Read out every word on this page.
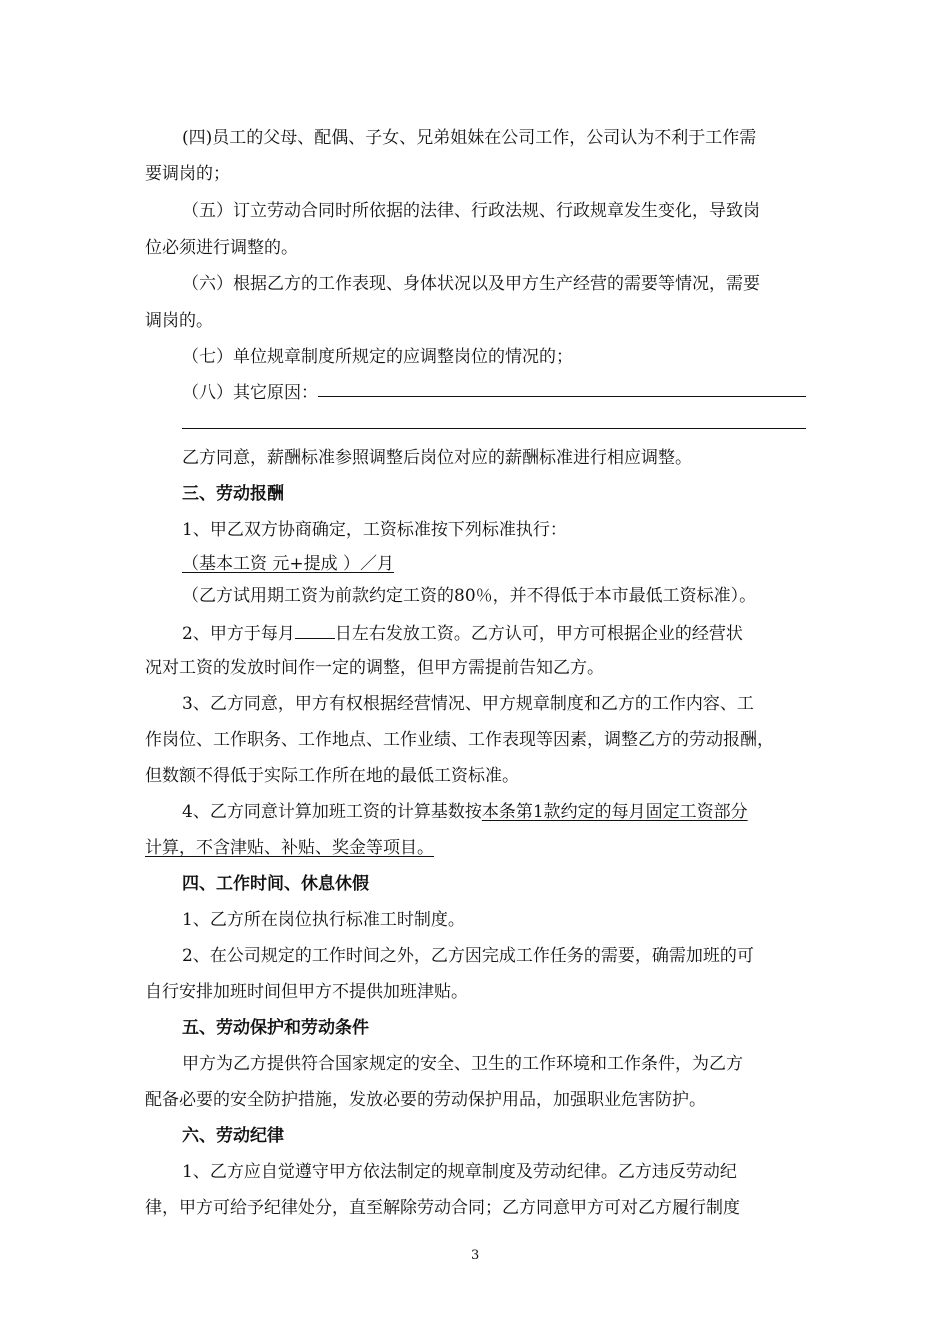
(四)员工的父母、配偶、子女、兄弟姐妹在公司工作，公司认为不利于工作需
要调岗的；
（五）订立劳动合同时所依据的法律、行政法规、行政规章发生变化，导致岗
位必须进行调整的。
（六）根据乙方的工作表现、身体状况以及甲方生产经营的需要等情况，需要
调岗的。
（七）单位规章制度所规定的应调整岗位的情况的；
（八）其它原因：
乙方同意，薪酬标准参照调整后岗位对应的薪酬标准进行相应调整。
三、劳动报酬
1、甲乙双方协商确定，工资标准按下列标准执行：
（基本工资 元+提成 ）／月
（乙方试用期工资为前款约定工资的80％，并不得低于本市最低工资标准）。
2、甲方于每月 日左右发放工资。乙方认可，甲方可根据企业的经营状
况对工资的发放时间作一定的调整，但甲方需提前告知乙方。
3、乙方同意，甲方有权根据经营情况、甲方规章制度和乙方的工作内容、工
作岗位、工作职务、工作地点、工作业绩、工作表现等因素，调整乙方的劳动报酬，
但数额不得低于实际工作所在地的最低工资标准。
4、乙方同意计算加班工资的计算基数按本条第1款约定的每月固定工资部分
计算，不含津贴、补贴、奖金等项目。
四、工作时间、休息休假
1、乙方所在岗位执行标准工时制度。
2、在公司规定的工作时间之外，乙方因完成工作任务的需要，确需加班的可
自行安排加班时间但甲方不提供加班津贴。
五、劳动保护和劳动条件
甲方为乙方提供符合国家规定的安全、卫生的工作环境和工作条件，为乙方
配备必要的安全防护措施，发放必要的劳动保护用品，加强职业危害防护。
六、劳动纪律
1、乙方应自觉遵守甲方依法制定的规章制度及劳动纪律。乙方违反劳动纪
律，甲方可给予纪律处分，直至解除劳动合同；乙方同意甲方可对乙方履行制度
3
